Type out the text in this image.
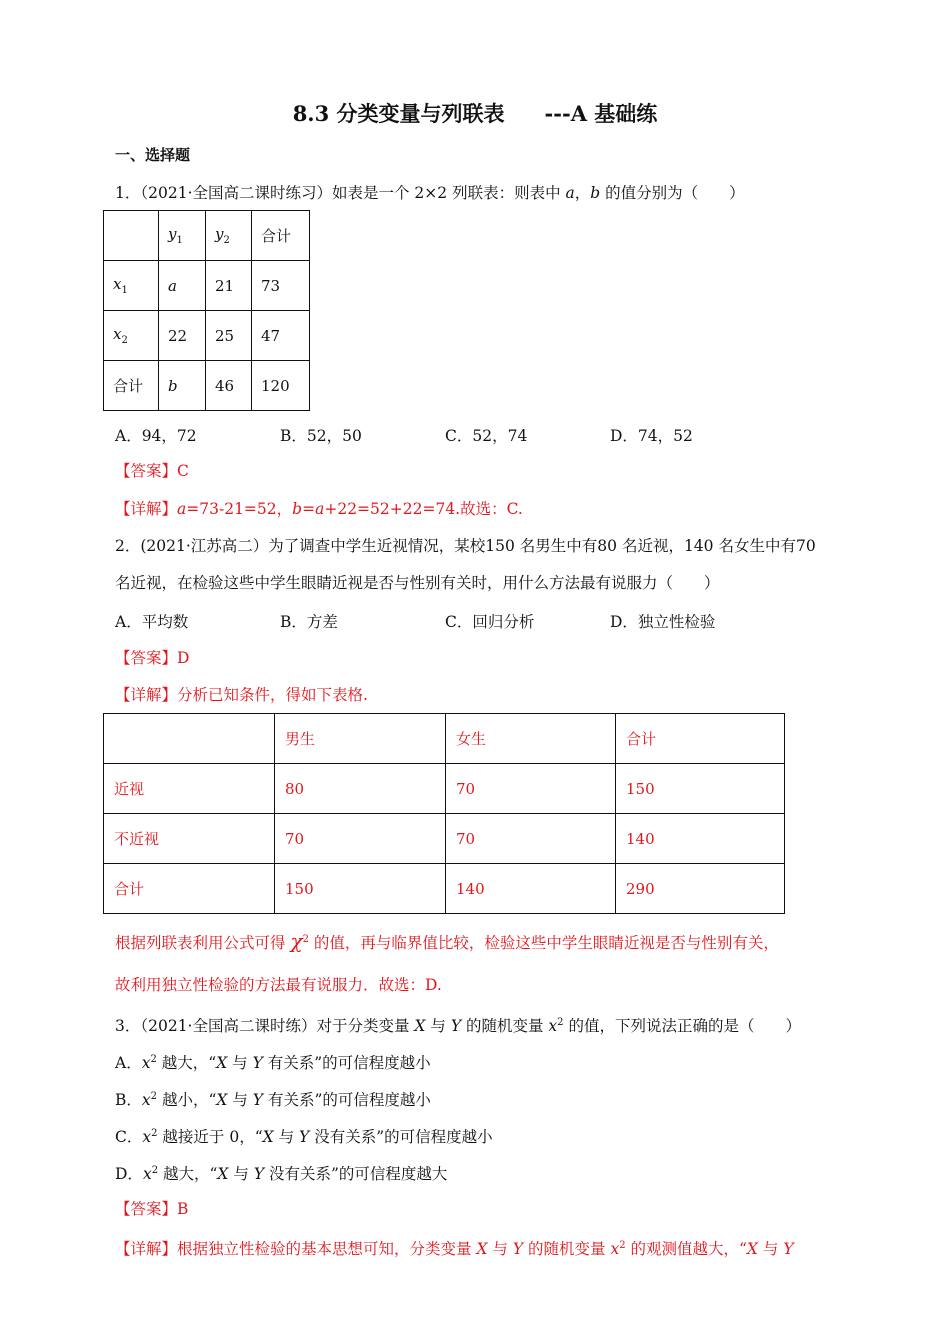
8.3 分类变量与列联表 ---A 基础练
一、选择题
1．（2021·全国高二课时练习）如表是一个 2×2 列联表：则表中 a，b 的值分别为（　　）
	$y_1$	$y_2$	合计
$x_1$	a	21	73
$x_2$	22	25	47
合计	b	46	120
A．94，72	B．52，50	C．52，74	D．74，52
【答案】C
【详解】a=73-21=52，b=a+22=52+22=74.故选：C.
2．(2021·江苏高二）为了调查中学生近视情况，某校150 名男生中有80 名近视，140 名女生中有70
名近视，在检验这些中学生眼睛近视是否与性别有关时，用什么方法最有说服力（　　）
A．平均数	B．方差	C．回归分析	D．独立性检验
【答案】D
【详解】分析已知条件，得如下表格.
	男生	女生	合计
近视	80	70	150
不近视	70	70	140
合计	150	140	290
根据列联表利用公式可得 $\chi^2$ 的值，再与临界值比较，检验这些中学生眼睛近视是否与性别有关，
故利用独立性检验的方法最有说服力．故选：D.
3．（2021·全国高二课时练）对于分类变量 X 与 Y 的随机变量 $x^2$ 的值，下列说法正确的是（　　）
A．$x^2$ 越大，“X 与 Y 有关系”的可信程度越小
B．$x^2$ 越小，“X 与 Y 有关系”的可信程度越小
C．$x^2$ 越接近于 0，“X 与 Y 没有关系”的可信程度越小
D．$x^2$ 越大，“X 与 Y 没有关系”的可信程度越大
【答案】B
【详解】根据独立性检验的基本思想可知，分类变量 X 与 Y 的随机变量 $x^2$ 的观测值越大，“X 与 Y
